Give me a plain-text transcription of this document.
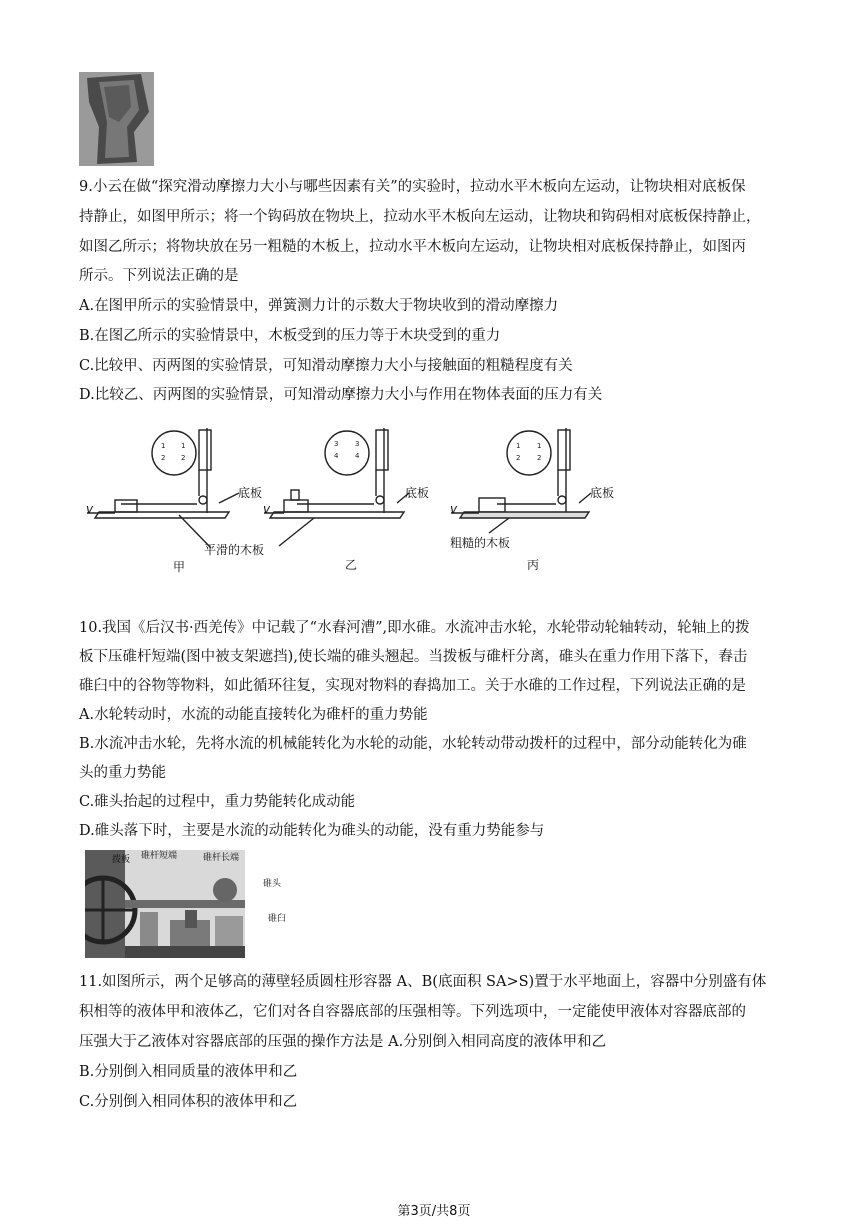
9.小云在做“探究滑动摩擦力大小与哪些因素有关”的实验时，拉动水平木板向左运动，让物块相对底板保
持静止，如图甲所示；将一个钩码放在物块上，拉动水平木板向左运动，让物块和钩码相对底板保持静止，
如图乙所示；将物块放在另一粗糙的木板上，拉动水平木板向左运动，让物块相对底板保持静止，如图丙
所示。下列说法正确的是
A.在图甲所示的实验情景中，弹簧测力计的示数大于物块收到的滑动摩擦力
B.在图乙所示的实验情景中，木板受到的压力等于木块受到的重力
C.比较甲、丙两图的实验情景，可知滑动摩擦力大小与接触面的粗糙程度有关
D.比较乙、丙两图的实验情景，可知滑动摩擦力大小与作用在物体表面的压力有关
1
2
1
2
3
4
3
4
1
2
1
2
v	v	v
底板	底板	底板
平滑的木板	粗糙的木板
甲	乙	丙
10.我国《后汉书·西羌传》中记载了“水舂河漕”,即水碓。水流冲击水轮，水轮带动轮轴转动，轮轴上的拨
板下压碓杆短端(图中被支架遮挡),使长端的碓头翘起。当拨板与碓杆分离，碓头在重力作用下落下，舂击
碓臼中的谷物等物料，如此循环往复，实现对物料的舂捣加工。关于水碓的工作过程，下列说法正确的是
A.水轮转动时，水流的动能直接转化为碓杆的重力势能
B.水流冲击水轮，先将水流的机械能转化为水轮的动能，水轮转动带动拨杆的过程中，部分动能转化为碓
头的重力势能
C.碓头抬起的过程中，重力势能转化成动能
D.碓头落下时，主要是水流的动能转化为碓头的动能，没有重力势能参与
拨板 碓杆短端	碓杆长端
碓头
碓臼
11.如图所示，两个足够高的薄壁轻质圆柱形容器 A、B(底面积 SA>S)置于水平地面上，容器中分别盛有体
积相等的液体甲和液体乙，它们对各自容器底部的压强相等。下列选项中，一定能使甲液体对容器底部的
压强大于乙液体对容器底部的压强的操作方法是 A.分别倒入相同高度的液体甲和乙
B.分别倒入相同质量的液体甲和乙
C.分别倒入相同体积的液体甲和乙
第3页/共8页
